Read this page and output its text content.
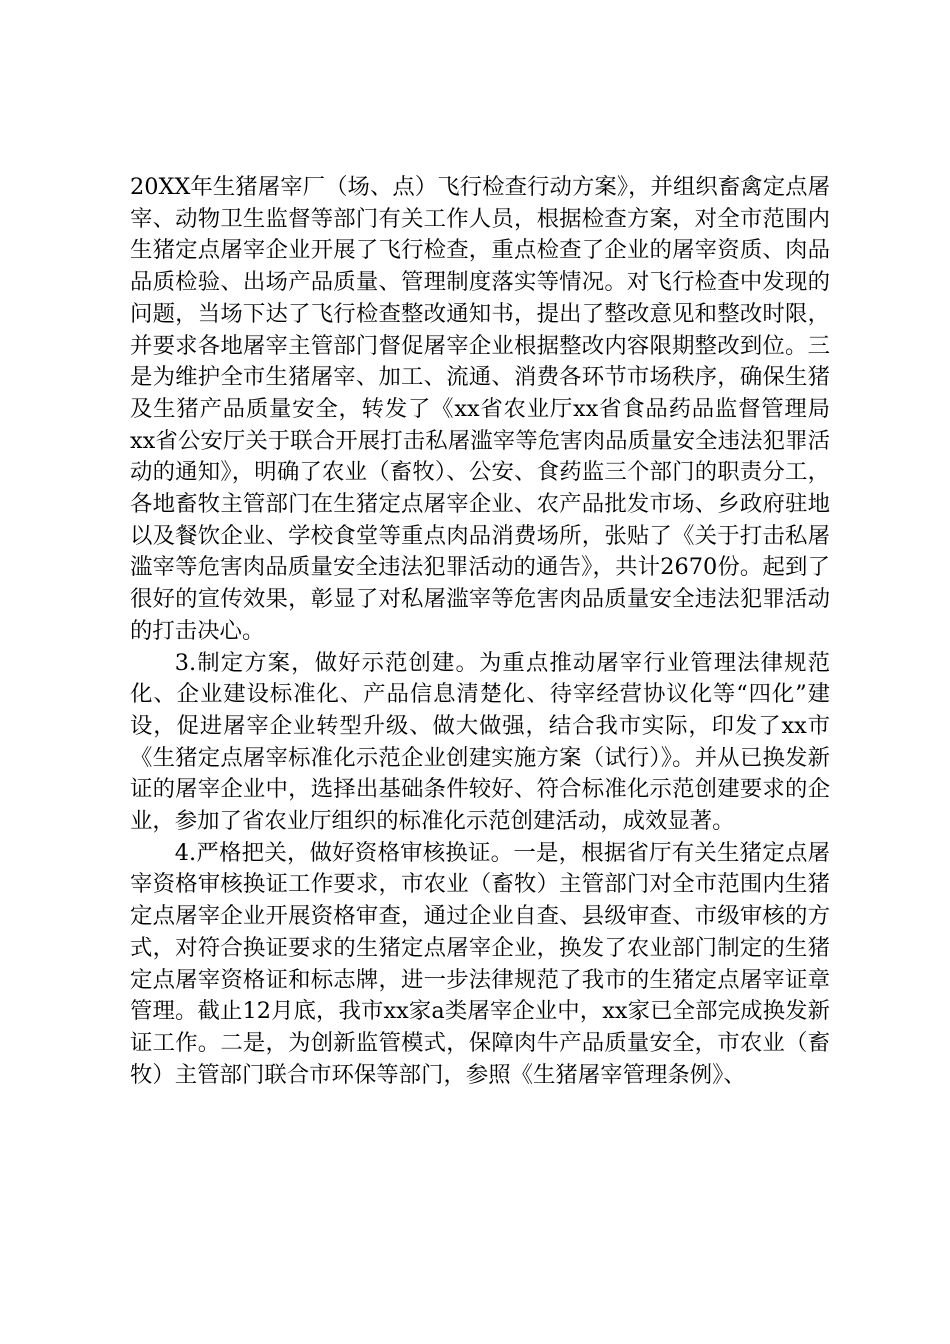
20XX年生猪屠宰厂（场、点）飞行检查行动方案》，并组织畜禽定点屠宰、动物卫生监督等部门有关工作人员，根据检查方案，对全市范围内生猪定点屠宰企业开展了飞行检查，重点检查了企业的屠宰资质、肉品品质检验、出场产品质量、管理制度落实等情况。对飞行检查中发现的问题，当场下达了飞行检查整改通知书，提出了整改意见和整改时限，并要求各地屠宰主管部门督促屠宰企业根据整改内容限期整改到位。三是为维护全市生猪屠宰、加工、流通、消费各环节市场秩序，确保生猪及生猪产品质量安全，转发了《xx省农业厅xx省食品药品监督管理局xx省公安厅关于联合开展打击私屠滥宰等危害肉品质量安全违法犯罪活动的通知》，明确了农业（畜牧）、公安、食药监三个部门的职责分工，各地畜牧主管部门在生猪定点屠宰企业、农产品批发市场、乡政府驻地以及餐饮企业、学校食堂等重点肉品消费场所，张贴了《关于打击私屠滥宰等危害肉品质量安全违法犯罪活动的通告》，共计2670份。起到了很好的宣传效果，彰显了对私屠滥宰等危害肉品质量安全违法犯罪活动的打击决心。

3.制定方案，做好示范创建。为重点推动屠宰行业管理法律规范化、企业建设标准化、产品信息清楚化、待宰经营协议化等“四化”建设，促进屠宰企业转型升级、做大做强，结合我市实际，印发了xx市《生猪定点屠宰标准化示范企业创建实施方案（试行）》。并从已换发新证的屠宰企业中，选择出基础条件较好、符合标准化示范创建要求的企业，参加了省农业厅组织的标准化示范创建活动，成效显著。

4.严格把关，做好资格审核换证。一是，根据省厅有关生猪定点屠宰资格审核换证工作要求，市农业（畜牧）主管部门对全市范围内生猪定点屠宰企业开展资格审查，通过企业自查、县级审查、市级审核的方式，对符合换证要求的生猪定点屠宰企业，换发了农业部门制定的生猪定点屠宰资格证和标志牌，进一步法律规范了我市的生猪定点屠宰证章管理。截止12月底，我市xx家a类屠宰企业中，xx家已全部完成换发新证工作。二是，为创新监管模式，保障肉牛产品质量安全，市农业（畜牧）主管部门联合市环保等部门，参照《生猪屠宰管理条例》、
